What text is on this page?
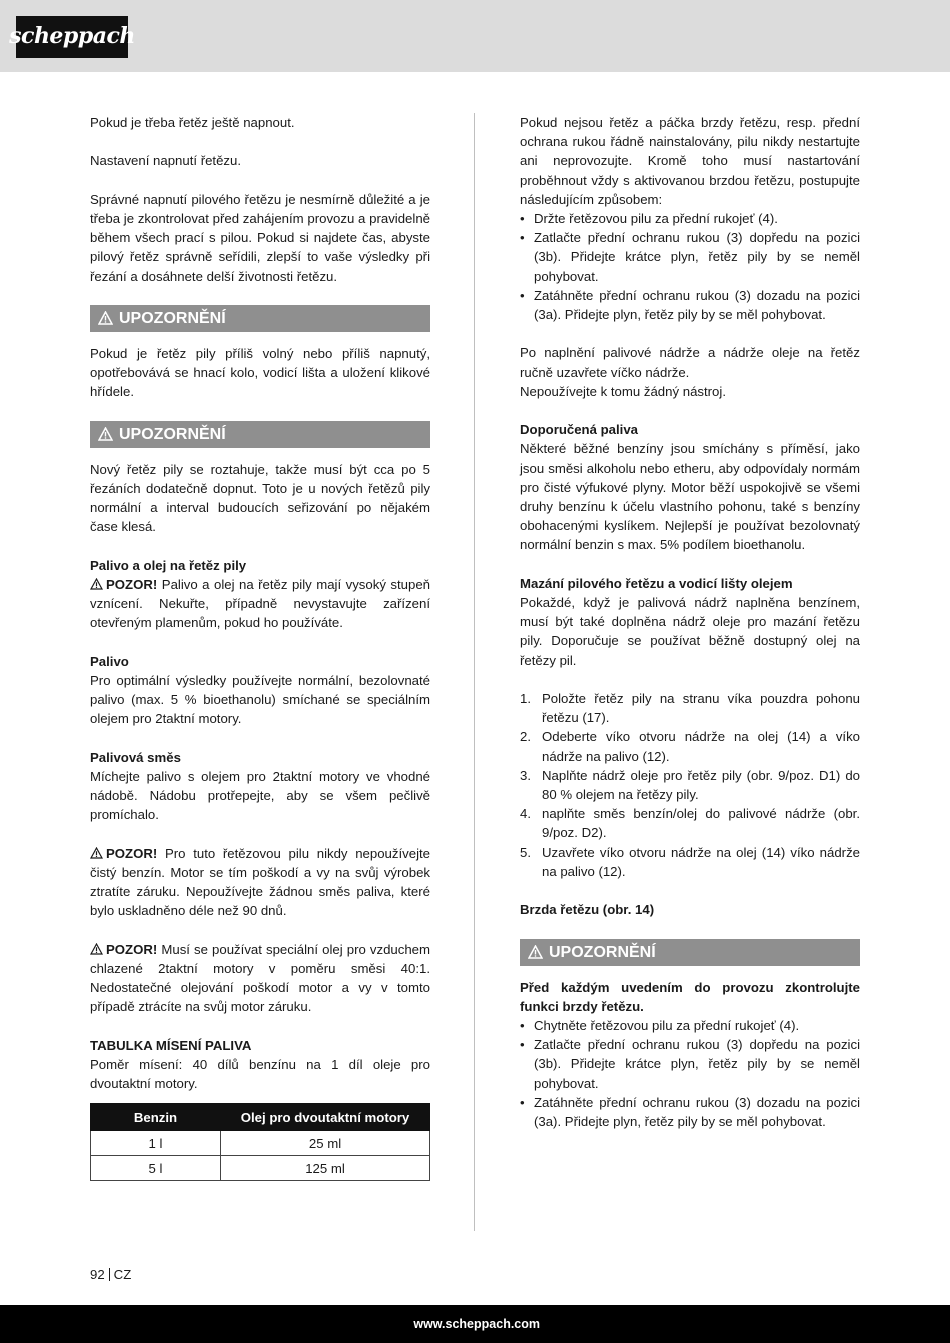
scheppach

Pokud je třeba řetěz ještě napnout.

Nastavení napnutí řetězu.

Správné napnutí pilového řetězu je nesmírně důležité a je třeba je zkontrolovat před zahájením provozu a pravidelně během všech prací s pilou. Pokud si najdete čas, abyste pilový řetěz správně seřídili, zlepší to vaše výsledky při řezání a dosáhnete delší životnosti řetězu.

UPOZORNĚNÍ

Pokud je řetěz pily příliš volný nebo příliš napnutý, opotřebovává se hnací kolo, vodicí lišta a uložení klikové hřídele.

UPOZORNĚNÍ

Nový řetěz pily se roztahuje, takže musí být cca po 5 řezáních dodatečně dopnut. Toto je u nových řetězů pily normální a interval budoucích seřizování po nějakém čase klesá.

Palivo a olej na řetěz pily

POZOR! Palivo a olej na řetěz pily mají vysoký stupeň vznícení. Nekuřte, případně nevystavujte zařízení otevřeným plamenům, pokud ho používáte.

Palivo

Pro optimální výsledky používejte normální, bezolovnaté palivo (max. 5 % bioethanolu) smíchané se speciálním olejem pro 2taktní motory.

Palivová směs

Míchejte palivo s olejem pro 2taktní motory ve vhodné nádobě. Nádobu protřepejte, aby se všem pečlivě promíchalo.

POZOR! Pro tuto řetězovou pilu nikdy nepoužívejte čistý benzín. Motor se tím poškodí a vy na svůj výrobek ztratíte záruku. Nepoužívejte žádnou směs paliva, které bylo uskladněno déle než 90 dnů.

POZOR! Musí se používat speciální olej pro vzduchem chlazené 2taktní motory v poměru směsi 40:1. Nedostatečné olejování poškodí motor a vy v tomto případě ztrácíte na svůj motor záruku.

TABULKA MÍSENÍ PALIVA

Poměr mísení: 40 dílů benzínu na 1 díl oleje pro dvoutaktní motory.

Benzin	Olej pro dvoutaktní motory
1 l	25 ml
5 l	125 ml

Pokud nejsou řetěz a páčka brzdy řetězu, resp. přední ochrana rukou řádně nainstalovány, pilu nikdy nestartujte ani neprovozujte. Kromě toho musí nastartování proběhnout vždy s aktivovanou brzdou řetězu, postupujte následujícím způsobem:

• Držte řetězovou pilu za přední rukojeť (4).
• Zatlačte přední ochranu rukou (3) dopředu na pozici (3b). Přidejte krátce plyn, řetěz pily by se neměl pohybovat.
• Zatáhněte přední ochranu rukou (3) dozadu na pozici (3a). Přidejte plyn, řetěz pily by se měl pohybovat.

Po naplnění palivové nádrže a nádrže oleje na řetěz ručně uzavřete víčko nádrže.

Nepoužívejte k tomu žádný nástroj.

Doporučená paliva

Některé běžné benzíny jsou smíchány s příměsí, jako jsou směsi alkoholu nebo etheru, aby odpovídaly normám pro čisté výfukové plyny. Motor běží uspokojivě se všemi druhy benzínu k účelu vlastního pohonu, také s benzíny obohacenými kyslíkem. Nejlepší je používat bezolovnatý normální benzin s max. 5% podílem bioethanolu.

Mazání pilového řetězu a vodicí lišty olejem

Pokaždé, když je palivová nádrž naplněna benzínem, musí být také doplněna nádrž oleje pro mazání řetězu pily. Doporučuje se používat běžně dostupný olej na řetězy pil.

1. Položte řetěz pily na stranu víka pouzdra pohonu řetězu (17).
2. Odeberte víko otvoru nádrže na olej (14) a víko nádrže na palivo (12).
3. Naplňte nádrž oleje pro řetěz pily (obr. 9/poz. D1) do 80 % olejem na řetězy pily.
4. naplňte směs benzín/olej do palivové nádrže (obr. 9/poz. D2).
5. Uzavřete víko otvoru nádrže na olej (14) víko nádrže na palivo (12).

Brzda řetězu (obr. 14)

UPOZORNĚNÍ

Před každým uvedením do provozu zkontrolujte funkci brzdy řetězu.

• Chytněte řetězovou pilu za přední rukojeť (4).
• Zatlačte přední ochranu rukou (3) dopředu na pozici (3b). Přidejte krátce plyn, řetěz pily by se neměl pohybovat.
• Zatáhněte přední ochranu rukou (3) dozadu na pozici (3a). Přidejte plyn, řetěz pily by se měl pohybovat.
92 CZ
www.scheppach.com
